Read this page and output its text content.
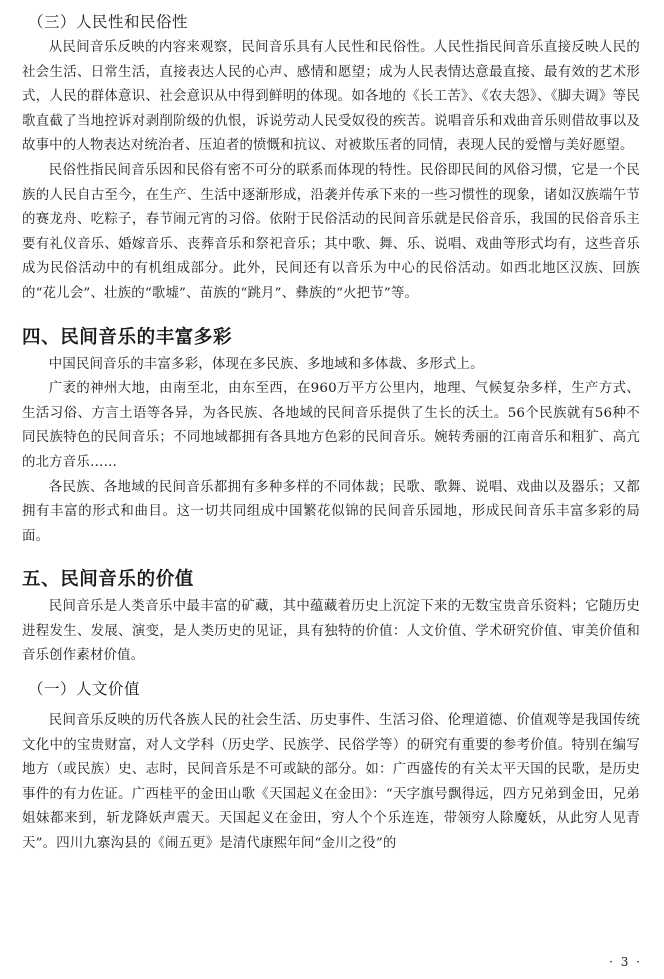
（三）人民性和民俗性

从民间音乐反映的内容来观察，民间音乐具有人民性和民俗性。人民性指民间音乐直接反映人民的社会生活、日常生活，直接表达人民的心声、感情和愿望；成为人民表情达意最直接、最有效的艺术形式，人民的群体意识、社会意识从中得到鲜明的体现。如各地的《长工苦》、《农夫怨》、《脚夫调》等民歌直截了当地控诉对剥削阶级的仇恨，诉说劳动人民受奴役的疾苦。说唱音乐和戏曲音乐则借故事以及故事中的人物表达对统治者、压迫者的愤慨和抗议、对被欺压者的同情，表现人民的爱憎与美好愿望。

民俗性指民间音乐因和民俗有密不可分的联系而体现的特性。民俗即民间的风俗习惯，它是一个民族的人民自古至今，在生产、生活中逐渐形成，沿袭并传承下来的一些习惯性的现象，诸如汉族端午节的赛龙舟、吃粽子，春节闹元宵的习俗。依附于民俗活动的民间音乐就是民俗音乐，我国的民俗音乐主要有礼仪音乐、婚嫁音乐、丧葬音乐和祭祀音乐；其中歌、舞、乐、说唱、戏曲等形式均有，这些音乐成为民俗活动中的有机组成部分。此外，民间还有以音乐为中心的民俗活动。如西北地区汉族、回族的“花儿会”、壮族的“歌墟”、苗族的“跳月”、彝族的“火把节”等。

四、民间音乐的丰富多彩

中国民间音乐的丰富多彩，体现在多民族、多地域和多体裁、多形式上。

广袤的神州大地，由南至北，由东至西，在960万平方公里内，地理、气候复杂多样，生产方式、生活习俗、方言土语等各异，为各民族、各地域的民间音乐提供了生长的沃土。56个民族就有56种不同民族特色的民间音乐；不同地域都拥有各具地方色彩的民间音乐。婉转秀丽的江南音乐和粗犷、高亢的北方音乐……

各民族、各地域的民间音乐都拥有多种多样的不同体裁；民歌、歌舞、说唱、戏曲以及器乐；又都拥有丰富的形式和曲目。这一切共同组成中国繁花似锦的民间音乐园地，形成民间音乐丰富多彩的局面。

五、民间音乐的价值

民间音乐是人类音乐中最丰富的矿藏，其中蕴藏着历史上沉淀下来的无数宝贵音乐资料；它随历史进程发生、发展、演变，是人类历史的见证，具有独特的价值：人文价值、学术研究价值、审美价值和音乐创作素材价值。

（一）人文价值

民间音乐反映的历代各族人民的社会生活、历史事件、生活习俗、伦理道德、价值观等是我国传统文化中的宝贵财富，对人文学科（历史学、民族学、民俗学等）的研究有重要的参考价值。特别在编写地方（或民族）史、志时，民间音乐是不可或缺的部分。如：广西盛传的有关太平天国的民歌，是历史事件的有力佐证。广西桂平的金田山歌《天国起义在金田》：“天字旗号飘得远，四方兄弟到金田，兄弟姐妹都来到，斩龙降妖声震天。天国起义在金田，穷人个个乐连连，带领穷人除魔妖，从此穷人见青天”。四川九寨沟县的《闹五更》是清代康熙年间“金川之役”的

· 3 ·
